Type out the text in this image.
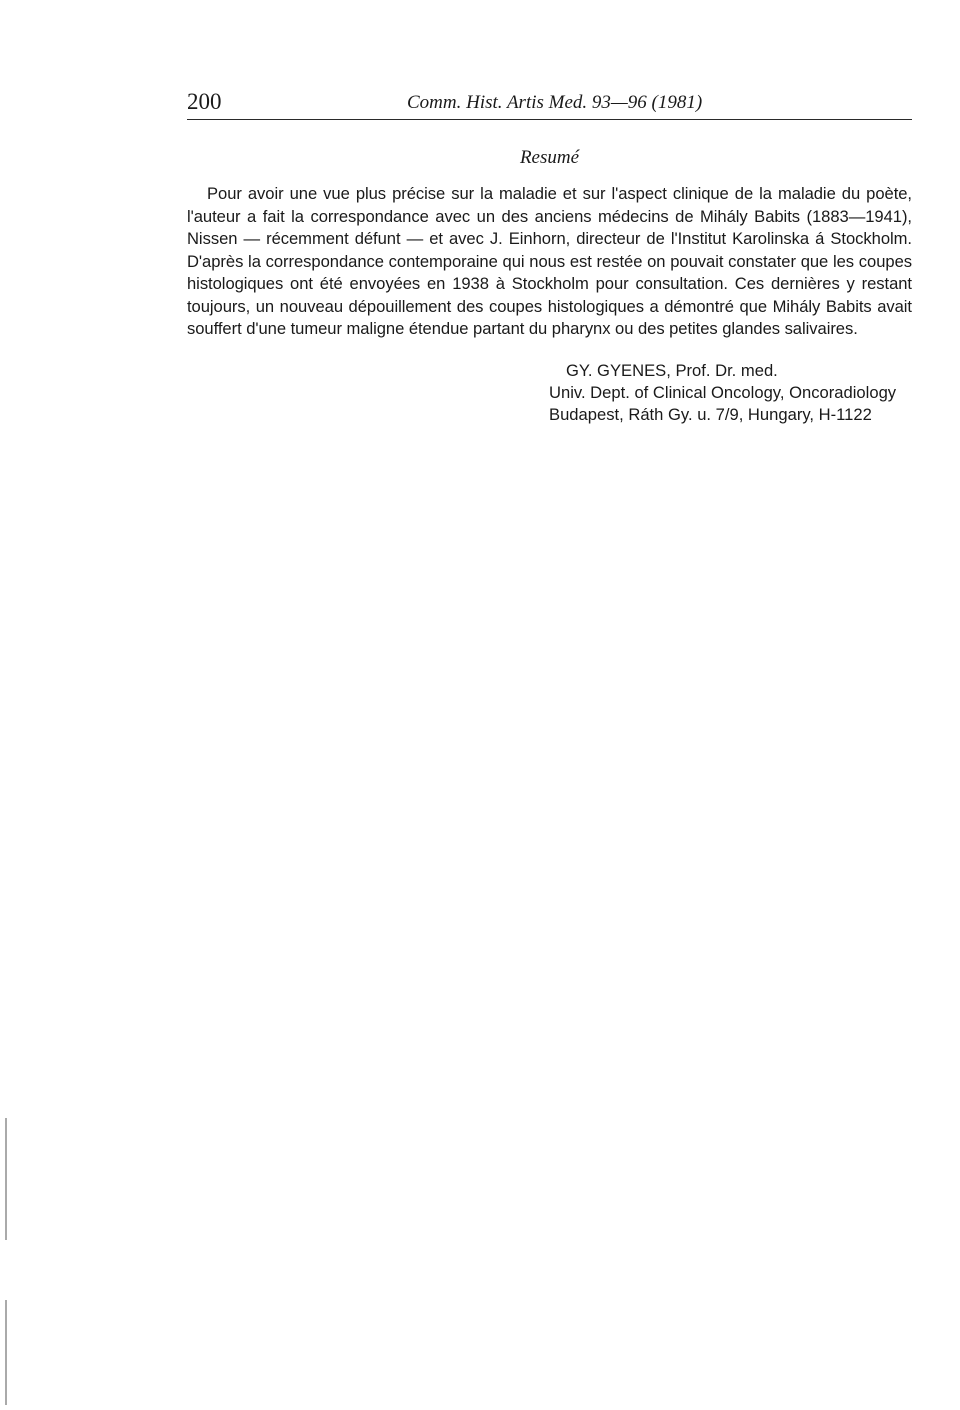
200	Comm. Hist. Artis Med. 93—96 (1981)
Resumé

Pour avoir une vue plus précise sur la maladie et sur l'aspect clinique de la maladie du poète, l'auteur a fait la correspondance avec un des anciens médecins de Mihály Babits (1883—1941), Nissen — récemment défunt — et avec J. Einhorn, directeur de l'Institut Karolinska á Stockholm. D'après la correspondance contemporaine qui nous est restée on pouvait constater que les coupes histologiques ont été envoyées en 1938 à Stockholm pour consultation. Ces dernières y restant toujours, un nouveau dépouillement des coupes histologiques a démontré que Mihály Babits avait souffert d'une tumeur maligne étendue partant du pharynx ou des petites glandes salivaires.

GY. GYENES, Prof. Dr. med.
Univ. Dept. of Clinical Oncology, Oncoradiology
Budapest, Ráth Gy. u. 7/9, Hungary, H-1122
